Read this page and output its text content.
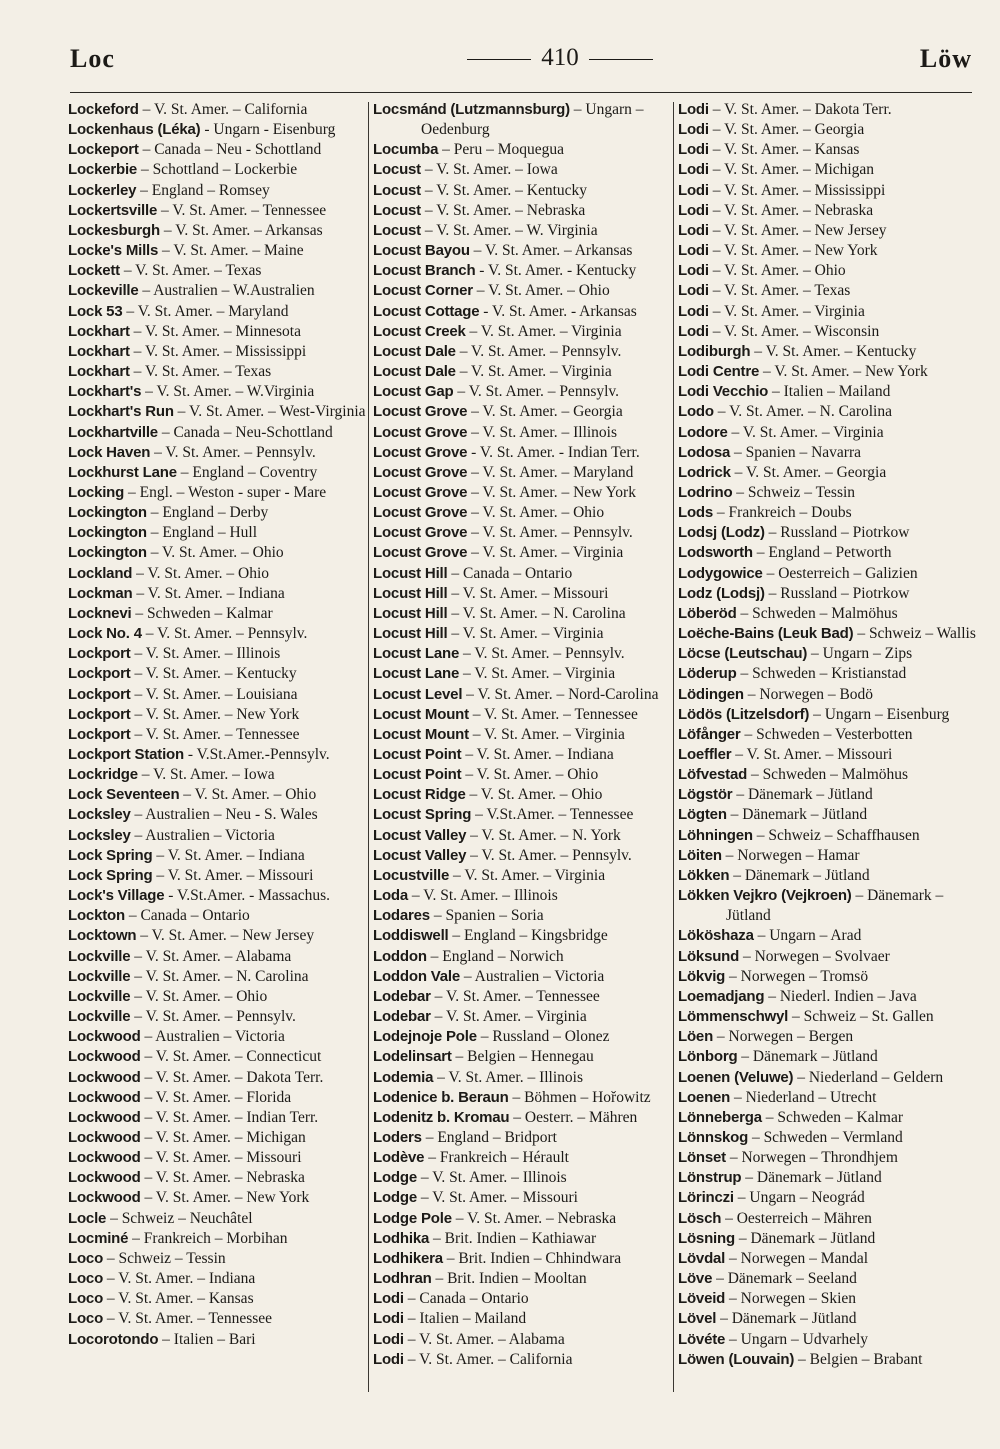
Loc	410	Löw
Lockeford – V. St. Amer. – California
Lockenhaus (Léka) - Ungarn - Eisenburg
Lockeport – Canada – Neu - Schottland
Lockerbie – Schottland – Lockerbie
Lockerley – England – Romsey
Lockertsville – V. St. Amer. – Tennessee
Lockesburgh – V. St. Amer. – Arkansas
Locke's Mills – V. St. Amer. – Maine
Lockett – V. St. Amer. – Texas
Lockeville – Australien – W.Australien
Lock 53 – V. St. Amer. – Maryland
Lockhart – V. St. Amer. – Minnesota
Lockhart – V. St. Amer. – Mississippi
Lockhart – V. St. Amer. – Texas
Lockhart's – V. St. Amer. – W.Virginia
Lockhart's Run – V. St. Amer. – West-Virginia
Lockhartville – Canada – Neu-Schottland
Lock Haven – V. St. Amer. – Pennsylv.
Lockhurst Lane – England – Coventry
Locking – Engl. – Weston - super - Mare
Lockington – England – Derby
Lockington – England – Hull
Lockington – V. St. Amer. – Ohio
Lockland – V. St. Amer. – Ohio
Lockman – V. St. Amer. – Indiana
Locknevi – Schweden – Kalmar
Lock No. 4 – V. St. Amer. – Pennsylv.
Lockport – V. St. Amer. – Illinois
Lockport – V. St. Amer. – Kentucky
Lockport – V. St. Amer. – Louisiana
Lockport – V. St. Amer. – New York
Lockport – V. St. Amer. – Tennessee
Lockport Station - V.St.Amer.-Pennsylv.
Lockridge – V. St. Amer. – Iowa
Lock Seventeen – V. St. Amer. – Ohio
Locksley – Australien – Neu - S. Wales
Locksley – Australien – Victoria
Lock Spring – V. St. Amer. – Indiana
Lock Spring – V. St. Amer. – Missouri
Lock's Village - V.St.Amer. - Massachus.
Lockton – Canada – Ontario
Locktown – V. St. Amer. – New Jersey
Lockville – V. St. Amer. – Alabama
Lockville – V. St. Amer. – N. Carolina
Lockville – V. St. Amer. – Ohio
Lockville – V. St. Amer. – Pennsylv.
Lockwood – Australien – Victoria
Lockwood – V. St. Amer. – Connecticut
Lockwood – V. St. Amer. – Dakota Terr.
Lockwood – V. St. Amer. – Florida
Lockwood – V. St. Amer. – Indian Terr.
Lockwood – V. St. Amer. – Michigan
Lockwood – V. St. Amer. – Missouri
Lockwood – V. St. Amer. – Nebraska
Lockwood – V. St. Amer. – New York
Locle – Schweiz – Neuchâtel
Locminé – Frankreich – Morbihan
Loco – Schweiz – Tessin
Loco – V. St. Amer. – Indiana
Loco – V. St. Amer. – Kansas
Loco – V. St. Amer. – Tennessee
Locorotondo – Italien – Bari
Locsmánd (Lutzmannsburg) – Ungarn – Oedenburg
Locumba – Peru – Moquegua
Locust – V. St. Amer. – Iowa
Locust – V. St. Amer. – Kentucky
Locust – V. St. Amer. – Nebraska
Locust – V. St. Amer. – W. Virginia
Locust Bayou – V. St. Amer. – Arkansas
Locust Branch - V. St. Amer. - Kentucky
Locust Corner – V. St. Amer. – Ohio
Locust Cottage - V. St. Amer. - Arkansas
Locust Creek – V. St. Amer. – Virginia
Locust Dale – V. St. Amer. – Pennsylv.
Locust Dale – V. St. Amer. – Virginia
Locust Gap – V. St. Amer. – Pennsylv.
Locust Grove – V. St. Amer. – Georgia
Locust Grove – V. St. Amer. – Illinois
Locust Grove - V. St. Amer. - Indian Terr.
Locust Grove – V. St. Amer. – Maryland
Locust Grove – V. St. Amer. – New York
Locust Grove – V. St. Amer. – Ohio
Locust Grove – V. St. Amer. – Pennsylv.
Locust Grove – V. St. Amer. – Virginia
Locust Hill – Canada – Ontario
Locust Hill – V. St. Amer. – Missouri
Locust Hill – V. St. Amer. – N. Carolina
Locust Hill – V. St. Amer. – Virginia
Locust Lane – V. St. Amer. – Pennsylv.
Locust Lane – V. St. Amer. – Virginia
Locust Level – V. St. Amer. – Nord-Carolina
Locust Mount – V. St. Amer. – Tennessee
Locust Mount – V. St. Amer. – Virginia
Locust Point – V. St. Amer. – Indiana
Locust Point – V. St. Amer. – Ohio
Locust Ridge – V. St. Amer. – Ohio
Locust Spring – V.St.Amer. – Tennessee
Locust Valley – V. St. Amer. – N. York
Locust Valley – V. St. Amer. – Pennsylv.
Locustville – V. St. Amer. – Virginia
Loda – V. St. Amer. – Illinois
Lodares – Spanien – Soria
Loddiswell – England – Kingsbridge
Loddon – England – Norwich
Loddon Vale – Australien – Victoria
Lodebar – V. St. Amer. – Tennessee
Lodebar – V. St. Amer. – Virginia
Lodejnoje Pole – Russland – Olonez
Lodelinsart – Belgien – Hennegau
Lodemia – V. St. Amer. – Illinois
Lodenice b. Beraun – Böhmen – Hořowitz
Lodenitz b. Kromau – Oesterr. – Mähren
Loders – England – Bridport
Lodève – Frankreich – Hérault
Lodge – V. St. Amer. – Illinois
Lodge – V. St. Amer. – Missouri
Lodge Pole – V. St. Amer. – Nebraska
Lodhika – Brit. Indien – Kathiawar
Lodhikera – Brit. Indien – Chhindwara
Lodhran – Brit. Indien – Mooltan
Lodi – Canada – Ontario
Lodi – Italien – Mailand
Lodi – V. St. Amer. – Alabama
Lodi – V. St. Amer. – California
Lodi – V. St. Amer. – Dakota Terr.
Lodi – V. St. Amer. – Georgia
Lodi – V. St. Amer. – Kansas
Lodi – V. St. Amer. – Michigan
Lodi – V. St. Amer. – Mississippi
Lodi – V. St. Amer. – Nebraska
Lodi – V. St. Amer. – New Jersey
Lodi – V. St. Amer. – New York
Lodi – V. St. Amer. – Ohio
Lodi – V. St. Amer. – Texas
Lodi – V. St. Amer. – Virginia
Lodi – V. St. Amer. – Wisconsin
Lodiburgh – V. St. Amer. – Kentucky
Lodi Centre – V. St. Amer. – New York
Lodi Vecchio – Italien – Mailand
Lodo – V. St. Amer. – N. Carolina
Lodore – V. St. Amer. – Virginia
Lodosa – Spanien – Navarra
Lodrick – V. St. Amer. – Georgia
Lodrino – Schweiz – Tessin
Lods – Frankreich – Doubs
Lodsj (Lodz) – Russland – Piotrkow
Lodsworth – England – Petworth
Lodygowice – Oesterreich – Galizien
Lodz (Lodsj) – Russland – Piotrkow
Löberöd – Schweden – Malmöhus
Loëche-Bains (Leuk Bad) – Schweiz – Wallis
Löcse (Leutschau) – Ungarn – Zips
Löderup – Schweden – Kristianstad
Lödingen – Norwegen – Bodö
Lödös (Litzelsdorf) – Ungarn – Eisenburg
Löfånger – Schweden – Vesterbotten
Loeffler – V. St. Amer. – Missouri
Löfvestad – Schweden – Malmöhus
Lögstör – Dänemark – Jütland
Lögten – Dänemark – Jütland
Löhningen – Schweiz – Schaffhausen
Löiten – Norwegen – Hamar
Lökken – Dänemark – Jütland
Lökken Vejkro (Vejkroen) – Dänemark – Jütland
Lököshaza – Ungarn – Arad
Löksund – Norwegen – Svolvaer
Lökvig – Norwegen – Tromsö
Loemadjang – Niederl. Indien – Java
Lömmenschwyl – Schweiz – St. Gallen
Löen – Norwegen – Bergen
Lönborg – Dänemark – Jütland
Loenen (Veluwe) – Niederland – Geldern
Loenen – Niederland – Utrecht
Lönneberga – Schweden – Kalmar
Lönnskog – Schweden – Vermland
Lönset – Norwegen – Throndhjem
Lönstrup – Dänemark – Jütland
Lörinczi – Ungarn – Neográd
Lösch – Oesterreich – Mähren
Lösning – Dänemark – Jütland
Lövdal – Norwegen – Mandal
Löve – Dänemark – Seeland
Löveid – Norwegen – Skien
Lövel – Dänemark – Jütland
Lövéte – Ungarn – Udvarhely
Löwen (Louvain) – Belgien – Brabant
